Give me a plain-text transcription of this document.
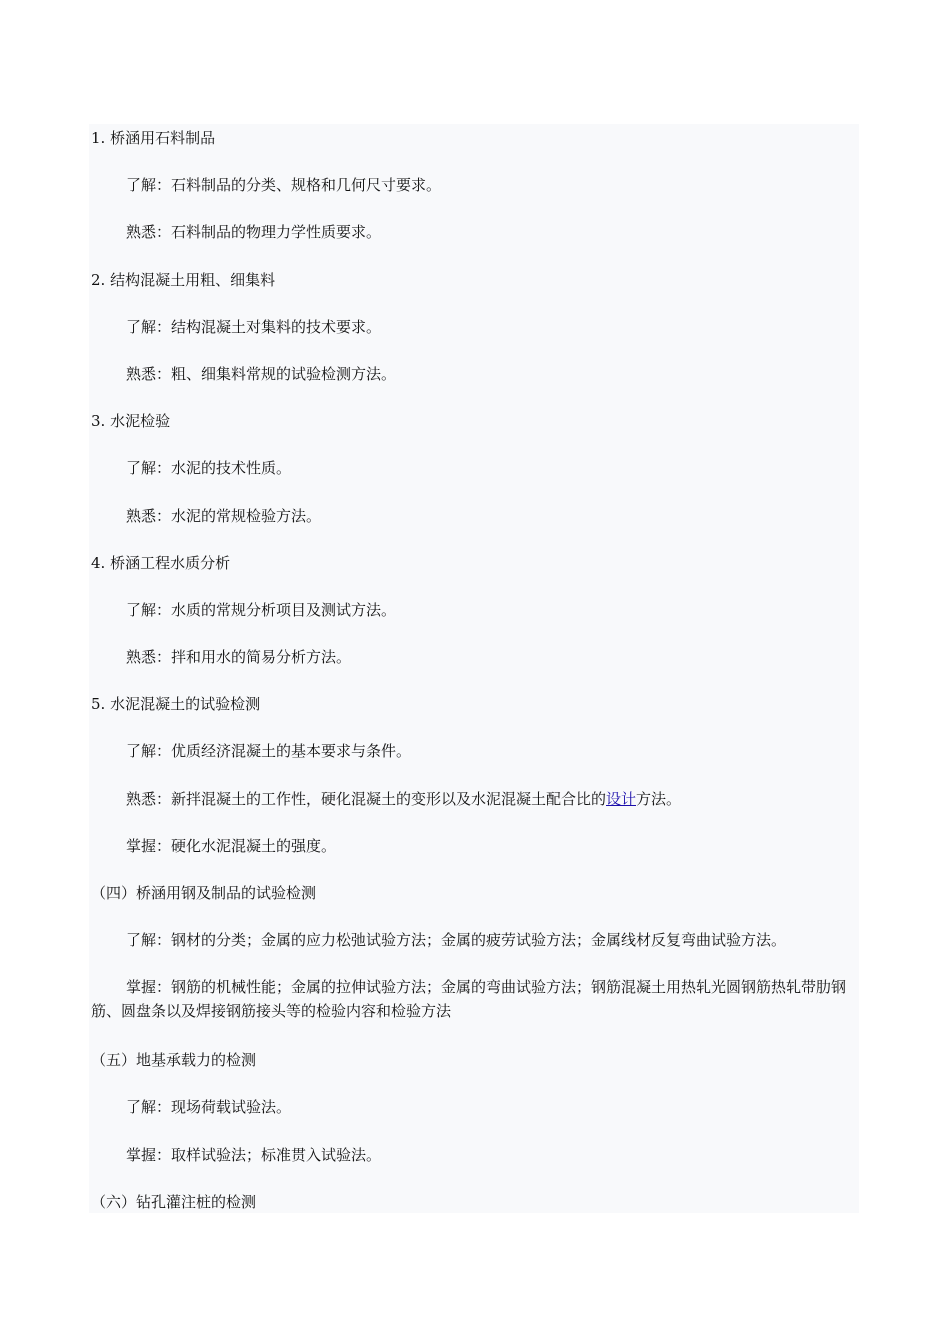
1. 桥涵用石料制品
了解：石料制品的分类、规格和几何尺寸要求。
熟悉：石料制品的物理力学性质要求。
2. 结构混凝土用粗、细集料
了解：结构混凝土对集料的技术要求。
熟悉：粗、细集料常规的试验检测方法。
3. 水泥检验
了解：水泥的技术性质。
熟悉：水泥的常规检验方法。
4. 桥涵工程水质分析
了解：水质的常规分析项目及测试方法。
熟悉：拌和用水的简易分析方法。
5. 水泥混凝土的试验检测
了解：优质经济混凝土的基本要求与条件。
熟悉：新拌混凝土的工作性，硬化混凝土的变形以及水泥混凝土配合比的设计方法。
掌握：硬化水泥混凝土的强度。
（四）桥涵用钢及制品的试验检测
了解：钢材的分类；金属的应力松弛试验方法；金属的疲劳试验方法；金属线材反复弯曲试验方法。
掌握：钢筋的机械性能；金属的拉伸试验方法；金属的弯曲试验方法；钢筋混凝土用热轧光圆钢筋热轧带肋钢筋、圆盘条以及焊接钢筋接头等的检验内容和检验方法
（五）地基承载力的检测
了解：现场荷载试验法。
掌握：取样试验法；标准贯入试验法。
（六）钻孔灌注桩的检测
